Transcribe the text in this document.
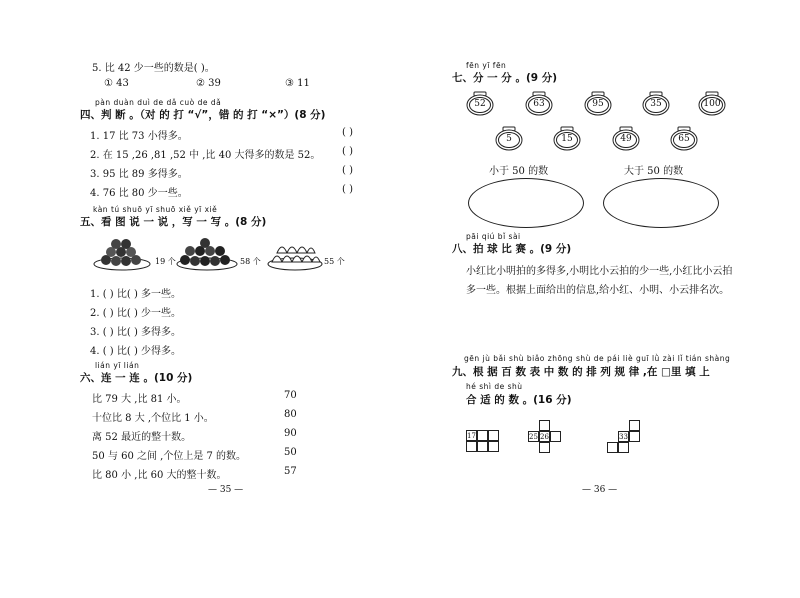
5. 比 42 少一些的数是( )。
① 43	② 39	③ 11
pàn duàn duì de dǎ cuò de dǎ
四、判 断 。（对 的 打 “√”，错 的 打 “×”）(8 分)
1. 17 比 73 小得多。	( )
2. 在 15 ,26 ,81 ,52 中 ,比 40 大得多的数是 52。 ( )
3. 95 比 89 多得多。	( )
4. 76 比 80 少一些。	( )
kàn tú shuō yī shuō xiě yī xiě
五、看 图 说 一 说 ，写 一 写 。(8 分)
19 个	58 个	55 个
1. ( ) 比( ) 多一些。
2. ( ) 比( ) 少一些。
3. ( ) 比( ) 多得多。
4. ( ) 比( ) 少得多。
lián yī lián
六、连 一 连 。(10 分)
比 79 大 ,比 81 小。
十位比 8 大 ,个位比 1 小。
离 52 最近的整十数。
50 与 60 之间 ,个位上是 7 的数。
比 80 小 ,比 60 大的整十数。
70
80
90
50
57
— 35 —
fēn yī fēn
七、分 一 分 。(9 分)
52	63	95	35	100
5	15	49	65
小于 50 的数	大于 50 的数
pāi qiú bǐ sài
八、拍 球 比 赛 。(9 分)
小红比小明拍的多得多,小明比小云拍的少一些,小红比小云拍
多一些。根据上面给出的信息,给小红、小明、小云排名次。
gēn jù bǎi shù biǎo zhōng shù de pái liè guī lǜ zài lǐ tián shàng
九、根 据 百 数 表 中 数 的 排 列 规 律 ,在 □里 填 上
hé shì de shù
合 适 的 数 。(16 分)
17	25 26	33
— 36 —
